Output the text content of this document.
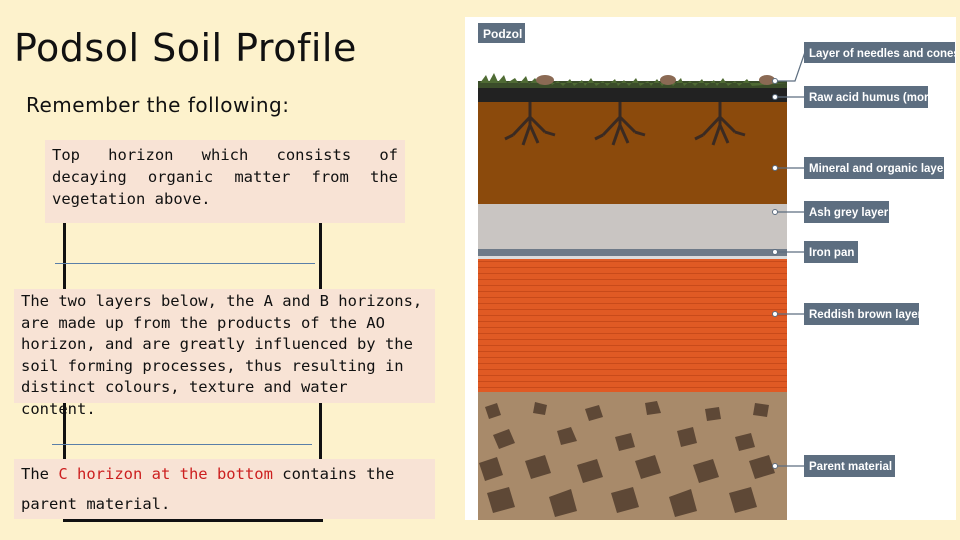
Podsol Soil Profile
Remember the following:
Top horizon which consists of decaying organic matter from the vegetation above.
The two layers below, the A and B horizons, are made up from the products of the AO horizon, and are greatly influenced by the soil forming processes, thus resulting in distinct colours, texture and water content.
The C horizon at the bottom contains the parent material.
Podzol
Layer of needles and cones
Raw acid humus (mor)
Mineral and organic layer
Ash grey layer
Iron pan
Reddish brown layer
Parent material
